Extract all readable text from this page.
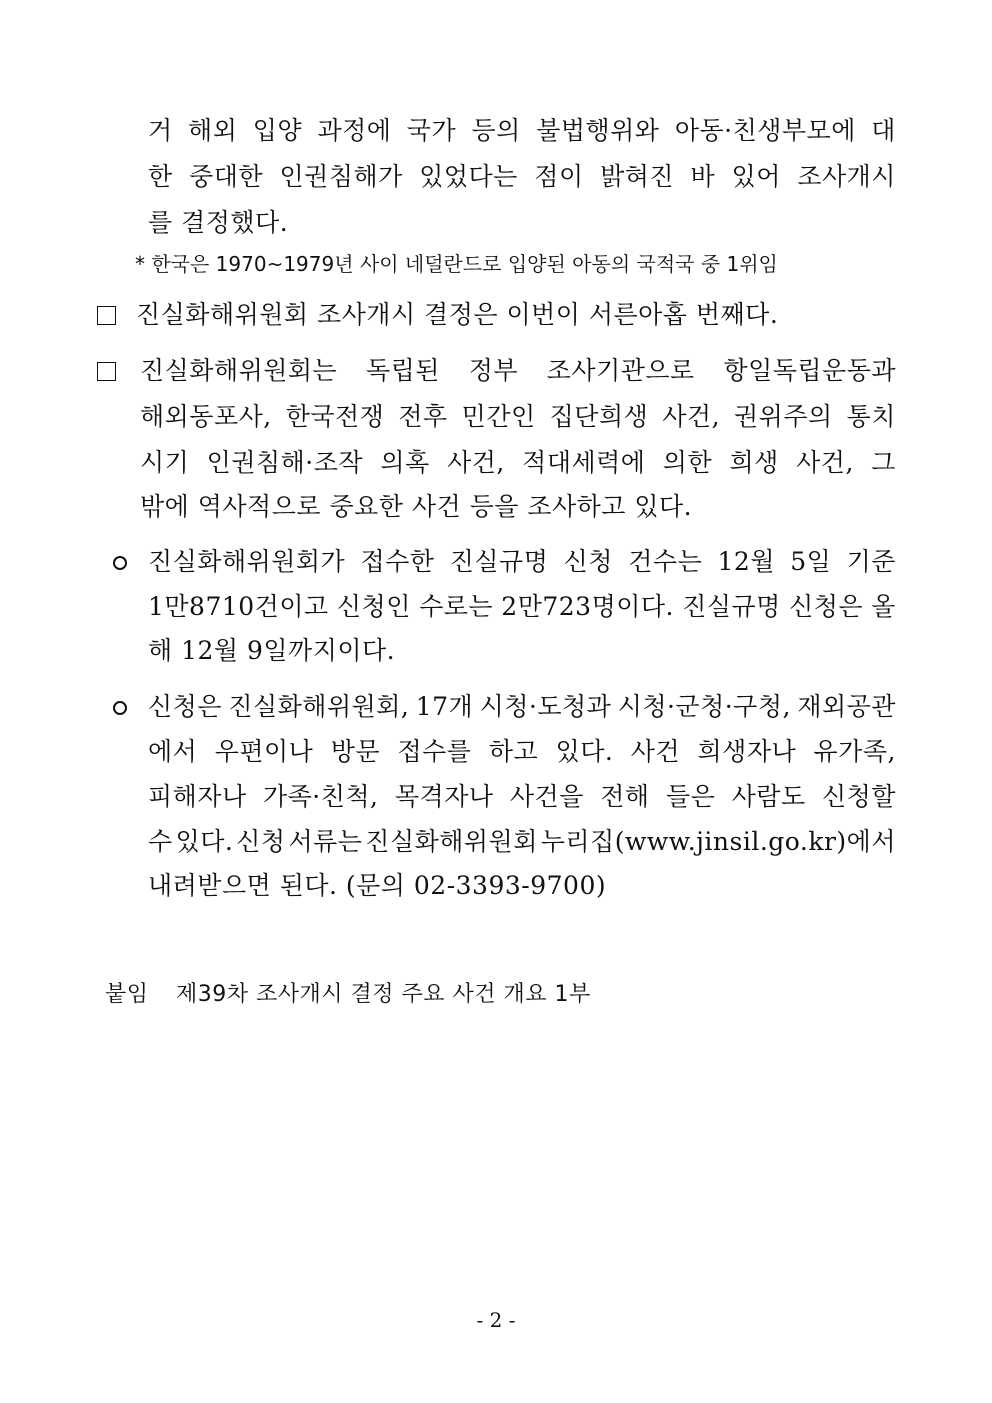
거 해외 입양 과정에 국가 등의 불법행위와 아동·친생부모에 대
한 중대한 인권침해가 있었다는 점이 밝혀진 바 있어 조사개시
를 결정했다.
* 한국은 1970~1979년 사이 네덜란드로 입양된 아동의 국적국 중 1위임
진실화해위원회 조사개시 결정은 이번이 서른아홉 번째다.
진실화해위원회는 독립된 정부 조사기관으로 항일독립운동과
해외동포사, 한국전쟁 전후 민간인 집단희생 사건, 권위주의 통치
시기 인권침해·조작 의혹 사건, 적대세력에 의한 희생 사건, 그
밖에 역사적으로 중요한 사건 등을 조사하고 있다.
진실화해위원회가 접수한 진실규명 신청 건수는 12월 5일 기준
1만8710건이고 신청인 수로는 2만723명이다. 진실규명 신청은 올
해 12월 9일까지이다.
신청은 진실화해위원회, 17개 시청·도청과 시청·군청·구청, 재외공관
에서 우편이나 방문 접수를 하고 있다. 사건 희생자나 유가족,
피해자나 가족·친척, 목격자나 사건을 전해 들은 사람도 신청할
수 있다. 신청 서류는 진실화해위원회 누리집(www.jinsil.go.kr)에서
내려받으면 된다. (문의 02-3393-9700)
붙임 제39차 조사개시 결정 주요 사건 개요 1부
- 2 -
